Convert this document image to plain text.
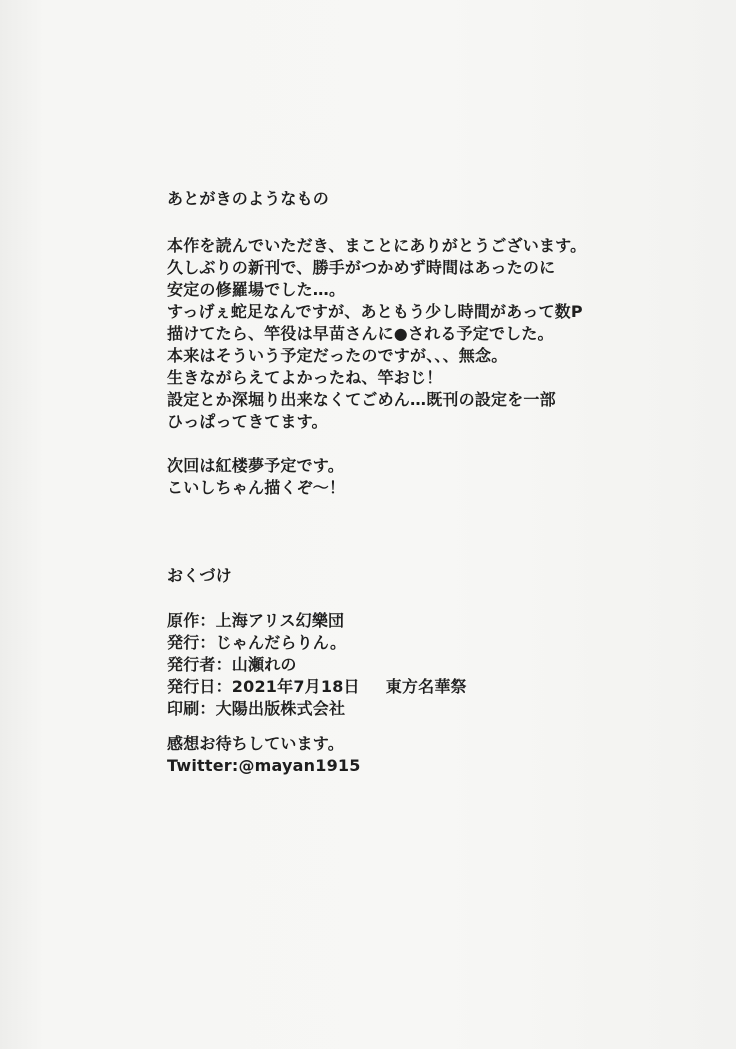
あとがきのようなもの
本作を読んでいただき、まことにありがとうございます。
久しぶりの新刊で、勝手がつかめず時間はあったのに
安定の修羅場でした…。
すっげぇ蛇足なんですが、あともう少し時間があって数P
描けてたら、竿役は早苗さんに●される予定でした。
本来はそういう予定だったのですが、、、無念。
生きながらえてよかったね、竿おじ！
設定とか深堀り出来なくてごめん…既刊の設定を一部
ひっぱってきてます。
次回は紅楼夢予定です。
こいしちゃん描くぞ〜！
おくづけ
原作：上海アリス幻樂団
発行：じゃんだらりん。
発行者：山瀬れの
発行日：2021年7月18日 東方名華祭
印刷：大陽出版株式会社
感想お待ちしています。
Twitter:@mayan1915
